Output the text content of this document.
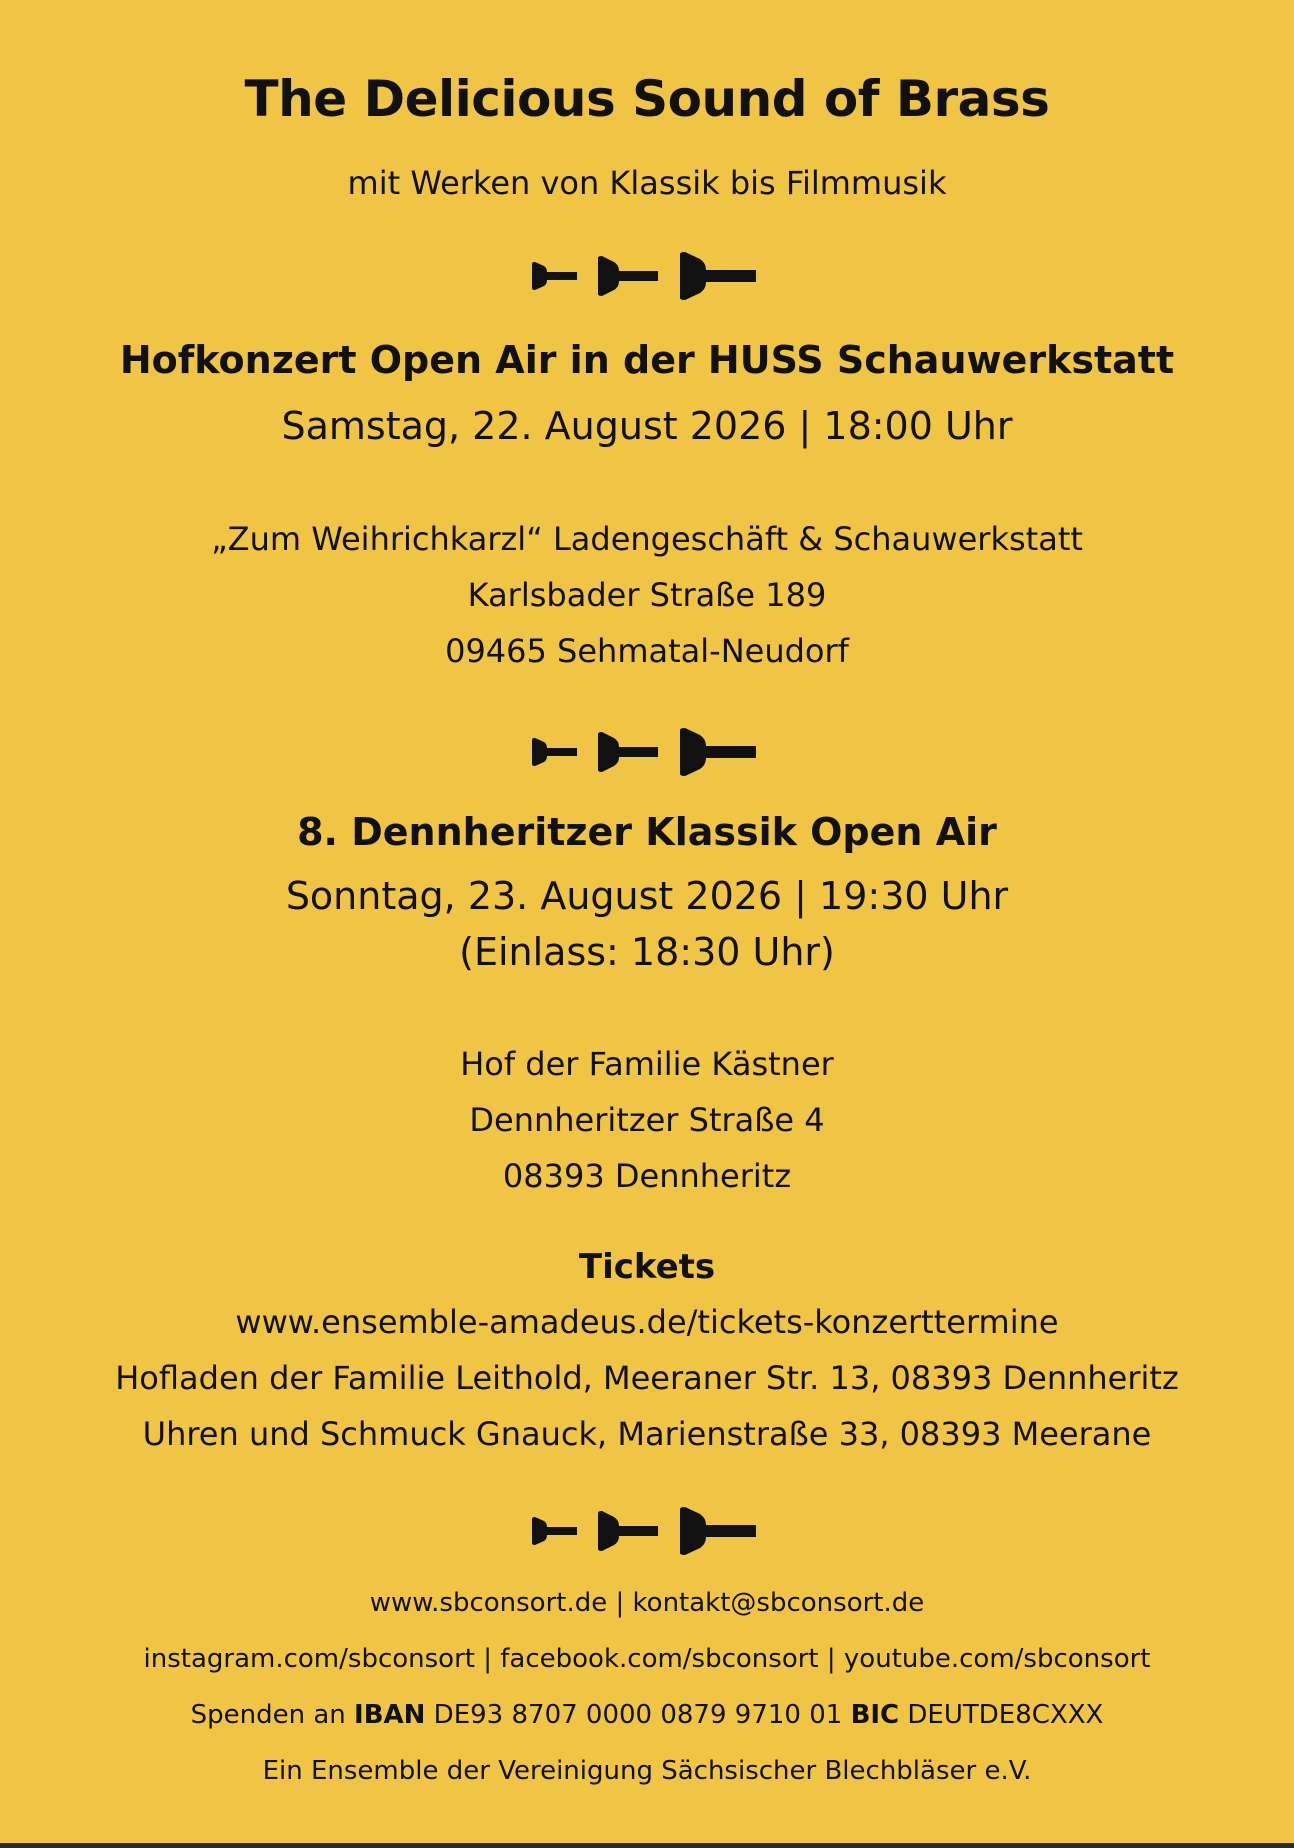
The Delicious Sound of Brass
mit Werken von Klassik bis Filmmusik
Hofkonzert Open Air in der HUSS Schauwerkstatt
Samstag, 22. August 2026 | 18:00 Uhr
„Zum Weihrichkarzl“ Ladengeschäft & Schauwerkstatt
Karlsbader Straße 189
09465 Sehmatal-Neudorf
8. Dennheritzer Klassik Open Air
Sonntag, 23. August 2026 | 19:30 Uhr
(Einlass: 18:30 Uhr)
Hof der Familie Kästner
Dennheritzer Straße 4
08393 Dennheritz
Tickets
www.ensemble-amadeus.de/tickets-konzerttermine
Hofladen der Familie Leithold, Meeraner Str. 13, 08393 Dennheritz
Uhren und Schmuck Gnauck, Marienstraße 33, 08393 Meerane
www.sbconsort.de | kontakt@sbconsort.de
instagram.com/sbconsort | facebook.com/sbconsort | youtube.com/sbconsort
Spenden an IBAN DE93 8707 0000 0879 9710 01 BIC DEUTDE8CXXX
Ein Ensemble der Vereinigung Sächsischer Blechbläser e.V.
